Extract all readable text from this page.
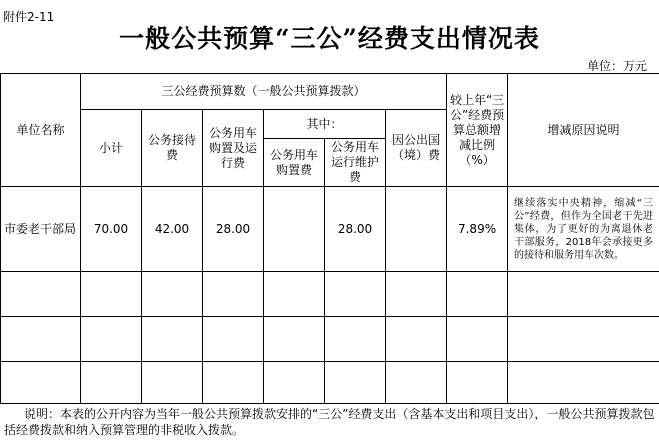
附件2-11
一般公共预算“三公”经费支出情况表
单位：万元
单位名称	三公经费预算数（一般公共预算拨款）						较上年“三公”经费预算总额增减比例（%）	增减原因说明
	小计	公务接待费	公务用车购置及运行费	其中：		因公出国（境）费		
				公务用车购置费	公务用车运行维护费			
市委老干部局	70.00	42.00	28.00		28.00		7.89%	继续落实中央精神，缩减“三公”经费，但作为全国老干先进集体，为了更好的为离退休老干部服务，2018年会承接更多的接待和服务用车次数。

说明：本表的公开内容为当年一般公共预算拨款安排的“三公”经费支出（含基本支出和项目支出），一般公共预算拨款包括经费拨款和纳入预算管理的非税收入拨款。
